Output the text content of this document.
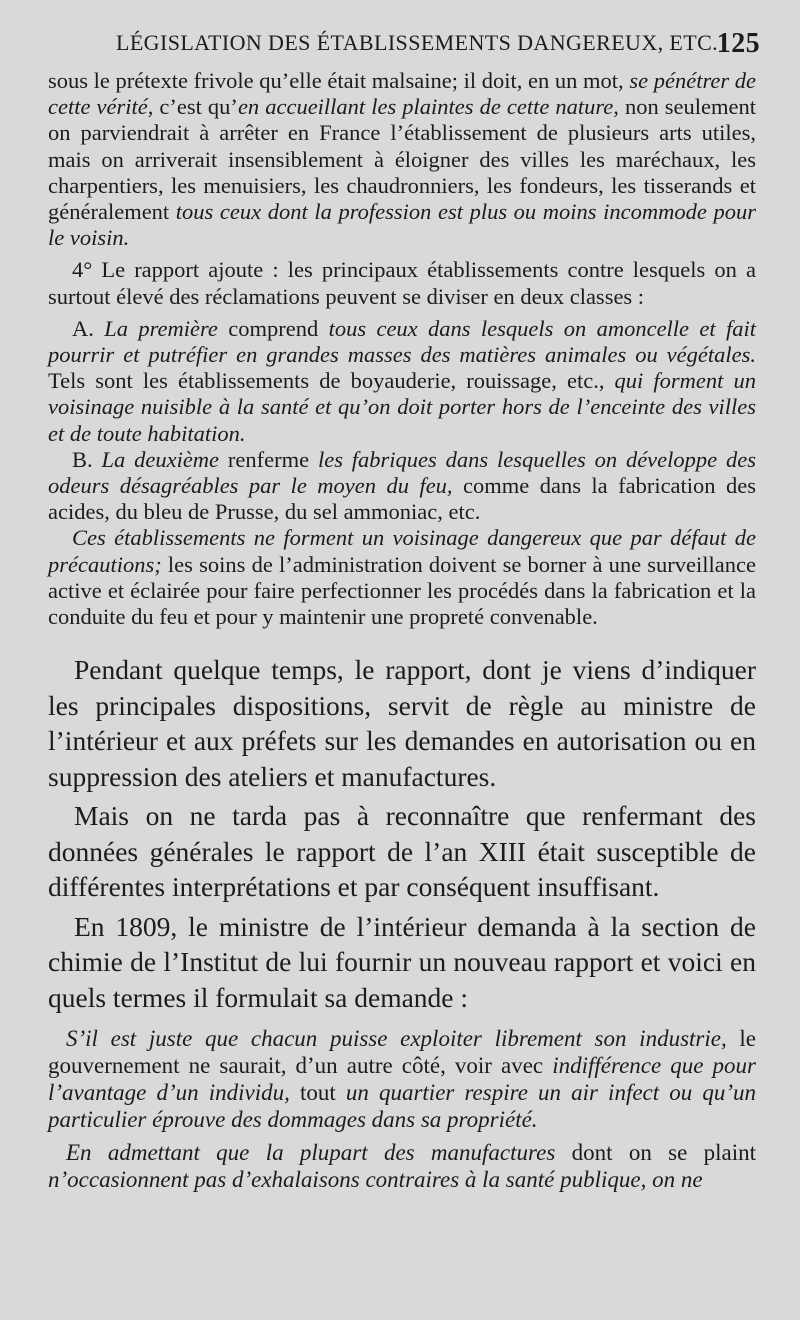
LÉGISLATION DES ÉTABLISSEMENTS DANGEREUX, ETC.
125

sous le prétexte frivole qu’elle était malsaine; il doit, en un mot, se pénétrer de cette vérité, c’est qu’en accueillant les plaintes de cette nature, non seulement on parviendrait à arrêter en France l’établissement de plusieurs arts utiles, mais on arriverait insensiblement à éloigner des villes les maréchaux, les charpentiers, les menuisiers, les chaudronniers, les fondeurs, les tisserands et généralement tous ceux dont la profession est plus ou moins incommode pour le voisin.

4° Le rapport ajoute : les principaux établissements contre lesquels on a surtout élevé des réclamations peuvent se diviser en deux classes :

A. La première comprend tous ceux dans lesquels on amoncelle et fait pourrir et putréfier en grandes masses des matières animales ou végétales. Tels sont les établissements de boyauderie, rouissage, etc., qui forment un voisinage nuisible à la santé et qu’on doit porter hors de l’enceinte des villes et de toute habitation.

B. La deuxième renferme les fabriques dans lesquelles on développe des odeurs désagréables par le moyen du feu, comme dans la fabrication des acides, du bleu de Prusse, du sel ammoniac, etc.

Ces établissements ne forment un voisinage dangereux que par défaut de précautions; les soins de l’administration doivent se borner à une surveillance active et éclairée pour faire perfectionner les procédés dans la fabrication et la conduite du feu et pour y maintenir une propreté convenable.

Pendant quelque temps, le rapport, dont je viens d’indiquer les principales dispositions, servit de règle au ministre de l’intérieur et aux préfets sur les demandes en autorisation ou en suppression des ateliers et manufactures.

Mais on ne tarda pas à reconnaître que renfermant des données générales le rapport de l’an XIII était susceptible de différentes interprétations et par conséquent insuffisant.

En 1809, le ministre de l’intérieur demanda à la section de chimie de l’Institut de lui fournir un nouveau rapport et voici en quels termes il formulait sa demande :

S’il est juste que chacun puisse exploiter librement son industrie, le gouvernement ne saurait, d’un autre côté, voir avec indifférence que pour l’avantage d’un individu, tout un quartier respire un air infect ou qu’un particulier éprouve des dommages dans sa propriété.

En admettant que la plupart des manufactures dont on se plaint n’occasionnent pas d’exhalaisons contraires à la santé publique, on ne
